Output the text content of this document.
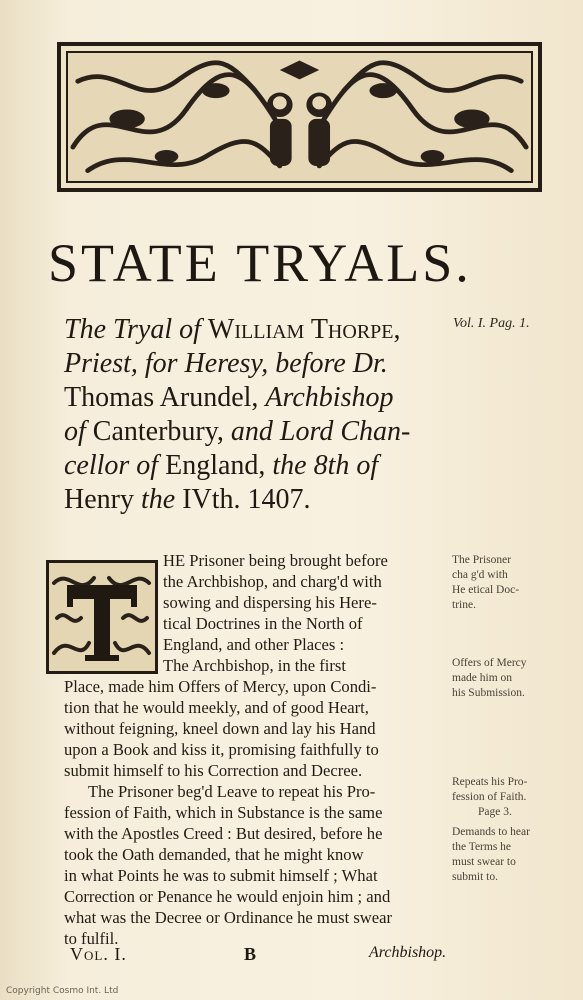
STATE TRYALS.
The Tryal of William Thorpe,
Priest, for Heresy, before Dr.
Thomas Arundel, Archbishop
of Canterbury, and Lord Chan-
cellor of England, the 8th of
Henry the IVth. 1407.
Vol. I. Pag. 1.
HE Prisoner being brought before
the Archbishop, and charg'd with
sowing and dispersing his Here-
tical Doctrines in the North of
England, and other Places :
The Archbishop, in the first
Place, made him Offers of Mercy, upon Condi-
tion that he would meekly, and of good Heart,
without feigning, kneel down and lay his Hand
upon a Book and kiss it, promising faithfully to
submit himself to his Correction and Decree.
The Prisoner beg'd Leave to repeat his Pro-
fession of Faith, which in Substance is the same
with the Apostles Creed : But desired, before he
took the Oath demanded, that he might know
in what Points he was to submit himself ; What
Correction or Penance he would enjoin him ; and
what was the Decree or Ordinance he must swear
to fulfil.
The Prisoner
cha g'd with
He etical Doc-
trine.
Offers of Mercy
made him on
his Submission.
Repeats his Pro-
fession of Faith.
Page 3.
Demands to hear
the Terms he
must swear to
submit to.
Vol. I.	B	Archbishop.
Copyright Cosmo Int. Ltd
